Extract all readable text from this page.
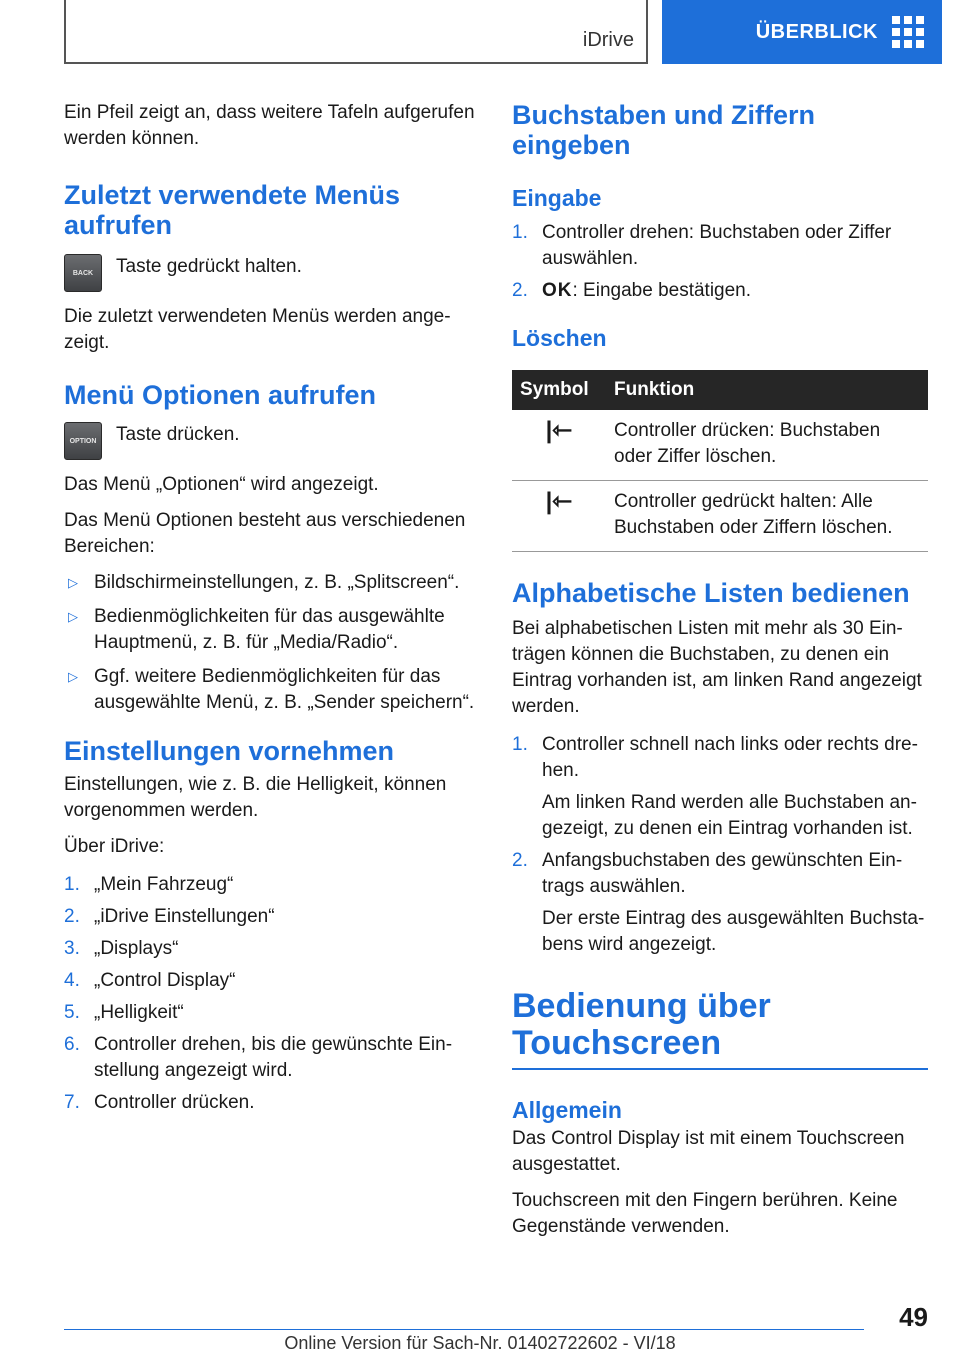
iDrive	ÜBERBLICK

Ein Pfeil zeigt an, dass weitere Tafeln aufgerufen werden können.

Zuletzt verwendete Menüs aufrufen
BACK	Taste gedrückt halten.

Die zuletzt verwendeten Menüs werden ange-zeigt.

Menü Optionen aufrufen
OPTION Taste drücken.

Das Menü „Optionen“ wird angezeigt.

Das Menü Optionen besteht aus verschiedenen Bereichen:

▷ Bildschirmeinstellungen, z. B. „Splitscreen“.
▷ Bedienmöglichkeiten für das ausgewählte Hauptmenü, z. B. für „Media/Radio“.
▷ Ggf. weitere Bedienmöglichkeiten für das ausgewählte Menü, z. B. „Sender speichern“.
Einstellungen vornehmen

Einstellungen, wie z. B. die Helligkeit, können vorgenommen werden.

Über iDrive:

1. „Mein Fahrzeug“
2. „iDrive Einstellungen“
3. „Displays“
4. „Control Display“
5. „Helligkeit“
6. Controller drehen, bis die gewünschte Ein-stellung angezeigt wird.
7. Controller drücken.
Buchstaben und Ziffern eingeben
Eingabe
1. Controller drehen: Buchstaben oder Ziffer auswählen.
2. OK: Eingabe bestätigen.
Löschen
Symbol	Funktion
|⇽	Controller drücken: Buchstaben oder Ziffer löschen.
|⇽	Controller gedrückt halten: Alle Buchstaben oder Ziffern löschen.
Alphabetische Listen bedienen

Bei alphabetischen Listen mit mehr als 30 Ein-trägen können die Buchstaben, zu denen ein Eintrag vorhanden ist, am linken Rand angezeigt werden.

1. Controller schnell nach links oder rechts dre-hen.
Am linken Rand werden alle Buchstaben an-gezeigt, zu denen ein Eintrag vorhanden ist.
2. Anfangsbuchstaben des gewünschten Ein-trags auswählen.
Der erste Eintrag des ausgewählten Buchsta-bens wird angezeigt.
Bedienung über Touchscreen
Allgemein

Das Control Display ist mit einem Touchscreen ausgestattet.

Touchscreen mit den Fingern berühren. Keine Gegenstände verwenden.

49
Online Version für Sach-Nr. 01402722602 - VI/18
